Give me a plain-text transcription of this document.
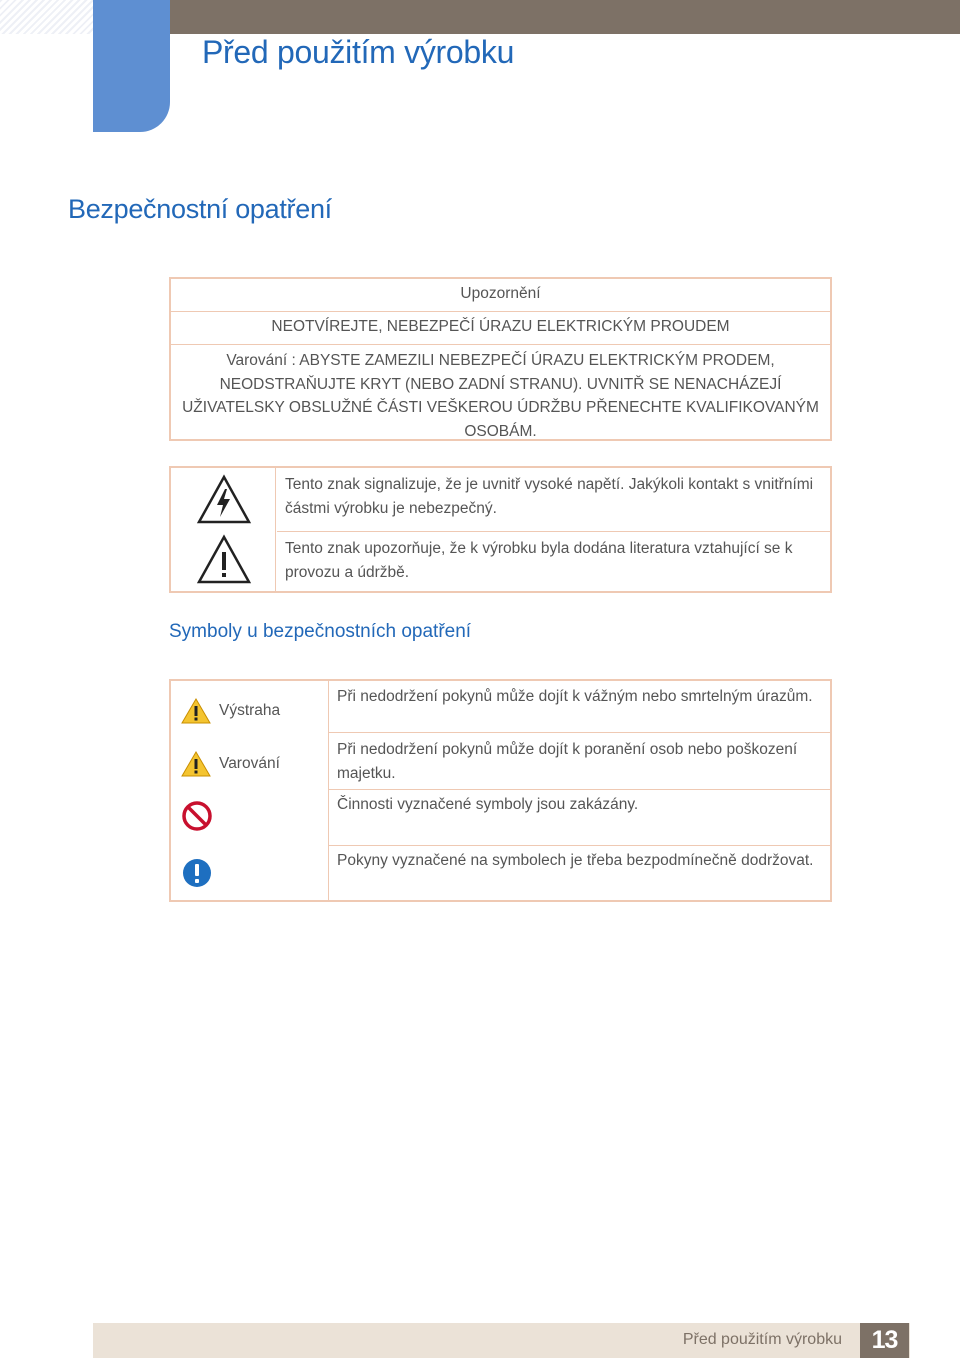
Před použitím výrobku
Bezpečnostní opatření
Upozornění
NEOTVÍREJTE, NEBEZPEČÍ ÚRAZU ELEKTRICKÝM PROUDEM
Varování : ABYSTE ZAMEZILI NEBEZPEČÍ ÚRAZU ELEKTRICKÝM PRODEM, NEODSTRAŇUJTE KRYT (NEBO ZADNÍ STRANU). UVNITŘ SE NENACHÁZEJÍ UŽIVATELSKY OBSLUŽNÉ ČÁSTI VEŠKEROU ÚDRŽBU PŘENECHTE KVALIFIKOVANÝM OSOBÁM.
Tento znak signalizuje, že je uvnitř vysoké napětí. Jakýkoli kontakt s vnitřními částmi výrobku je nebezpečný.
Tento znak upozorňuje, že k výrobku byla dodána literatura vztahující se k provozu a údržbě.
Symboly u bezpečnostních opatření
Výstraha
Varování
Při nedodržení pokynů může dojít k vážným nebo smrtelným úrazům.
Při nedodržení pokynů může dojít k poranění osob nebo poškození majetku.
Činnosti vyznačené symboly jsou zakázány.
Pokyny vyznačené na symbolech je třeba bezpodmínečně dodržovat.
Před použitím výrobku	13
